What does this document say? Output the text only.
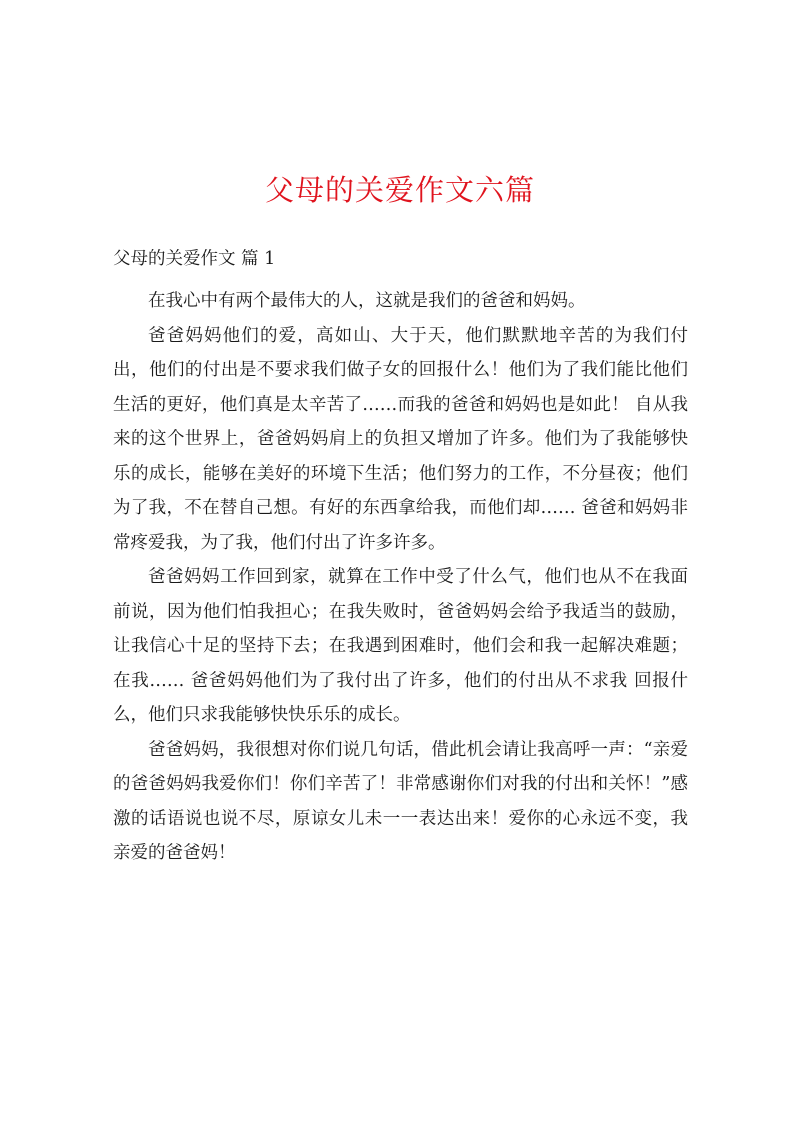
父母的关爱作文六篇

父母的关爱作文 篇 1

在我心中有两个最伟大的人，这就是我们的爸爸和妈妈。

爸爸妈妈他们的爱，高如山、大于天，他们默默地辛苦的为我们付出，他们的付出是不要求我们做子女的回报什么！他们为了我们能比他们生活的更好，他们真是太辛苦了……而我的爸爸和妈妈也是如此！ 自从我来的这个世界上，爸爸妈妈肩上的负担又增加了许多。他们为了我能够快乐的成长，能够在美好的环境下生活；他们努力的工作，不分昼夜；他们为了我，不在替自己想。有好的东西拿给我，而他们却…… 爸爸和妈妈非常疼爱我，为了我，他们付出了许多许多。

爸爸妈妈工作回到家，就算在工作中受了什么气，他们也从不在我面前说，因为他们怕我担心；在我失败时，爸爸妈妈会给予我适当的鼓励，让我信心十足的坚持下去；在我遇到困难时，他们会和我一起解决难题；在我…… 爸爸妈妈他们为了我付出了许多，他们的付出从不求我 回报什么，他们只求我能够快快乐乐的成长。

爸爸妈妈，我很想对你们说几句话，借此机会请让我高呼一声：“亲爱的爸爸妈妈我爱你们！你们辛苦了！非常感谢你们对我的付出和关怀！”感激的话语说也说不尽，原谅女儿未一一表达出来！爱你的心永远不变，我亲爱的爸爸妈！
